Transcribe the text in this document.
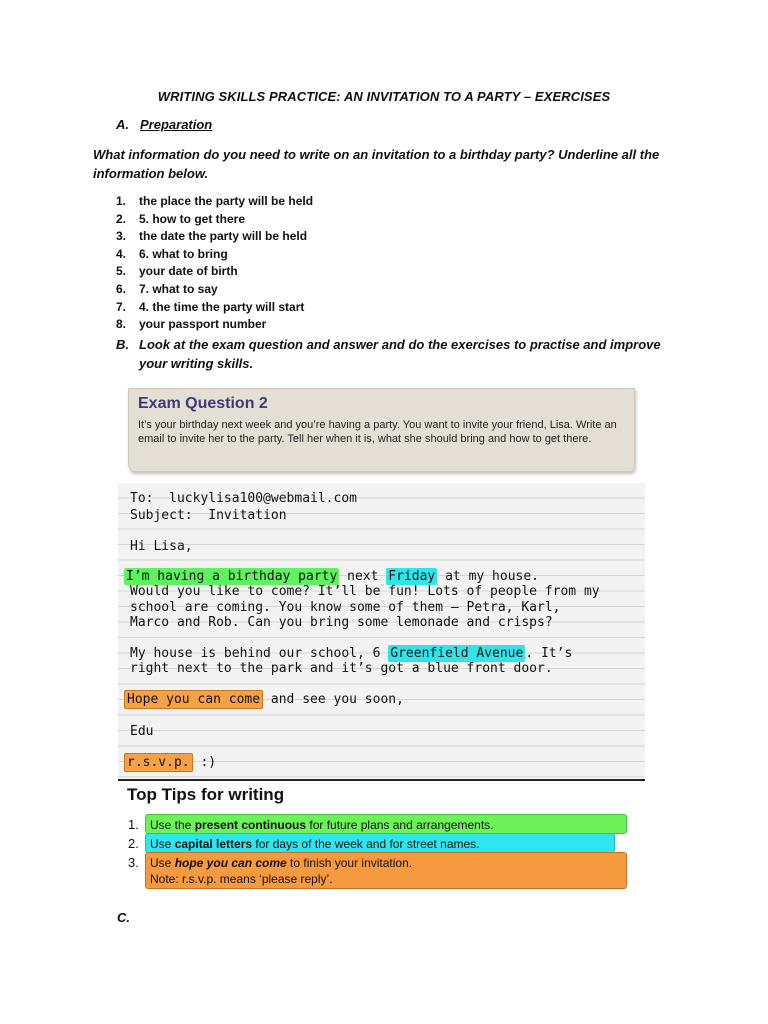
WRITING SKILLS PRACTICE: AN INVITATION TO A PARTY – EXERCISES
A. Preparation
What information do you need to write on an invitation to a birthday party? Underline all the information below.
1. the place the party will be held
2. 5. how to get there
3. the date the party will be held
4. 6. what to bring
5. your date of birth
6. 7. what to say
7. 4. the time the party will start
8. your passport number
B. Look at the exam question and answer and do the exercises to practise and improve
your writing skills.
Exam Question 2
It’s your birthday next week and you’re having a party. You want to invite your friend, Lisa. Write an email to invite her to the party. Tell her when it is, what she should bring and how to get there.
To: luckylisa100@webmail.com
Subject: Invitation
Hi Lisa,
I’m having a birthday party next Friday at my house.
Would you like to come? It’ll be fun! Lots of people from my
school are coming. You know some of them — Petra, Karl,
Marco and Rob. Can you bring some lemonade and crisps?
My house is behind our school, 6 Greenfield Avenue . It’s
right next to the park and it’s got a blue front door.
Hope you can come and see you soon,
Edu
r.s.v.p. :)
Top Tips for writing
1. Use the present continuous for future plans and arrangements.
2. Use capital letters for days of the week and for street names.
3. Use hope you can come to finish your invitation.
Note: r.s.v.p. means ‘please reply’.
C.
